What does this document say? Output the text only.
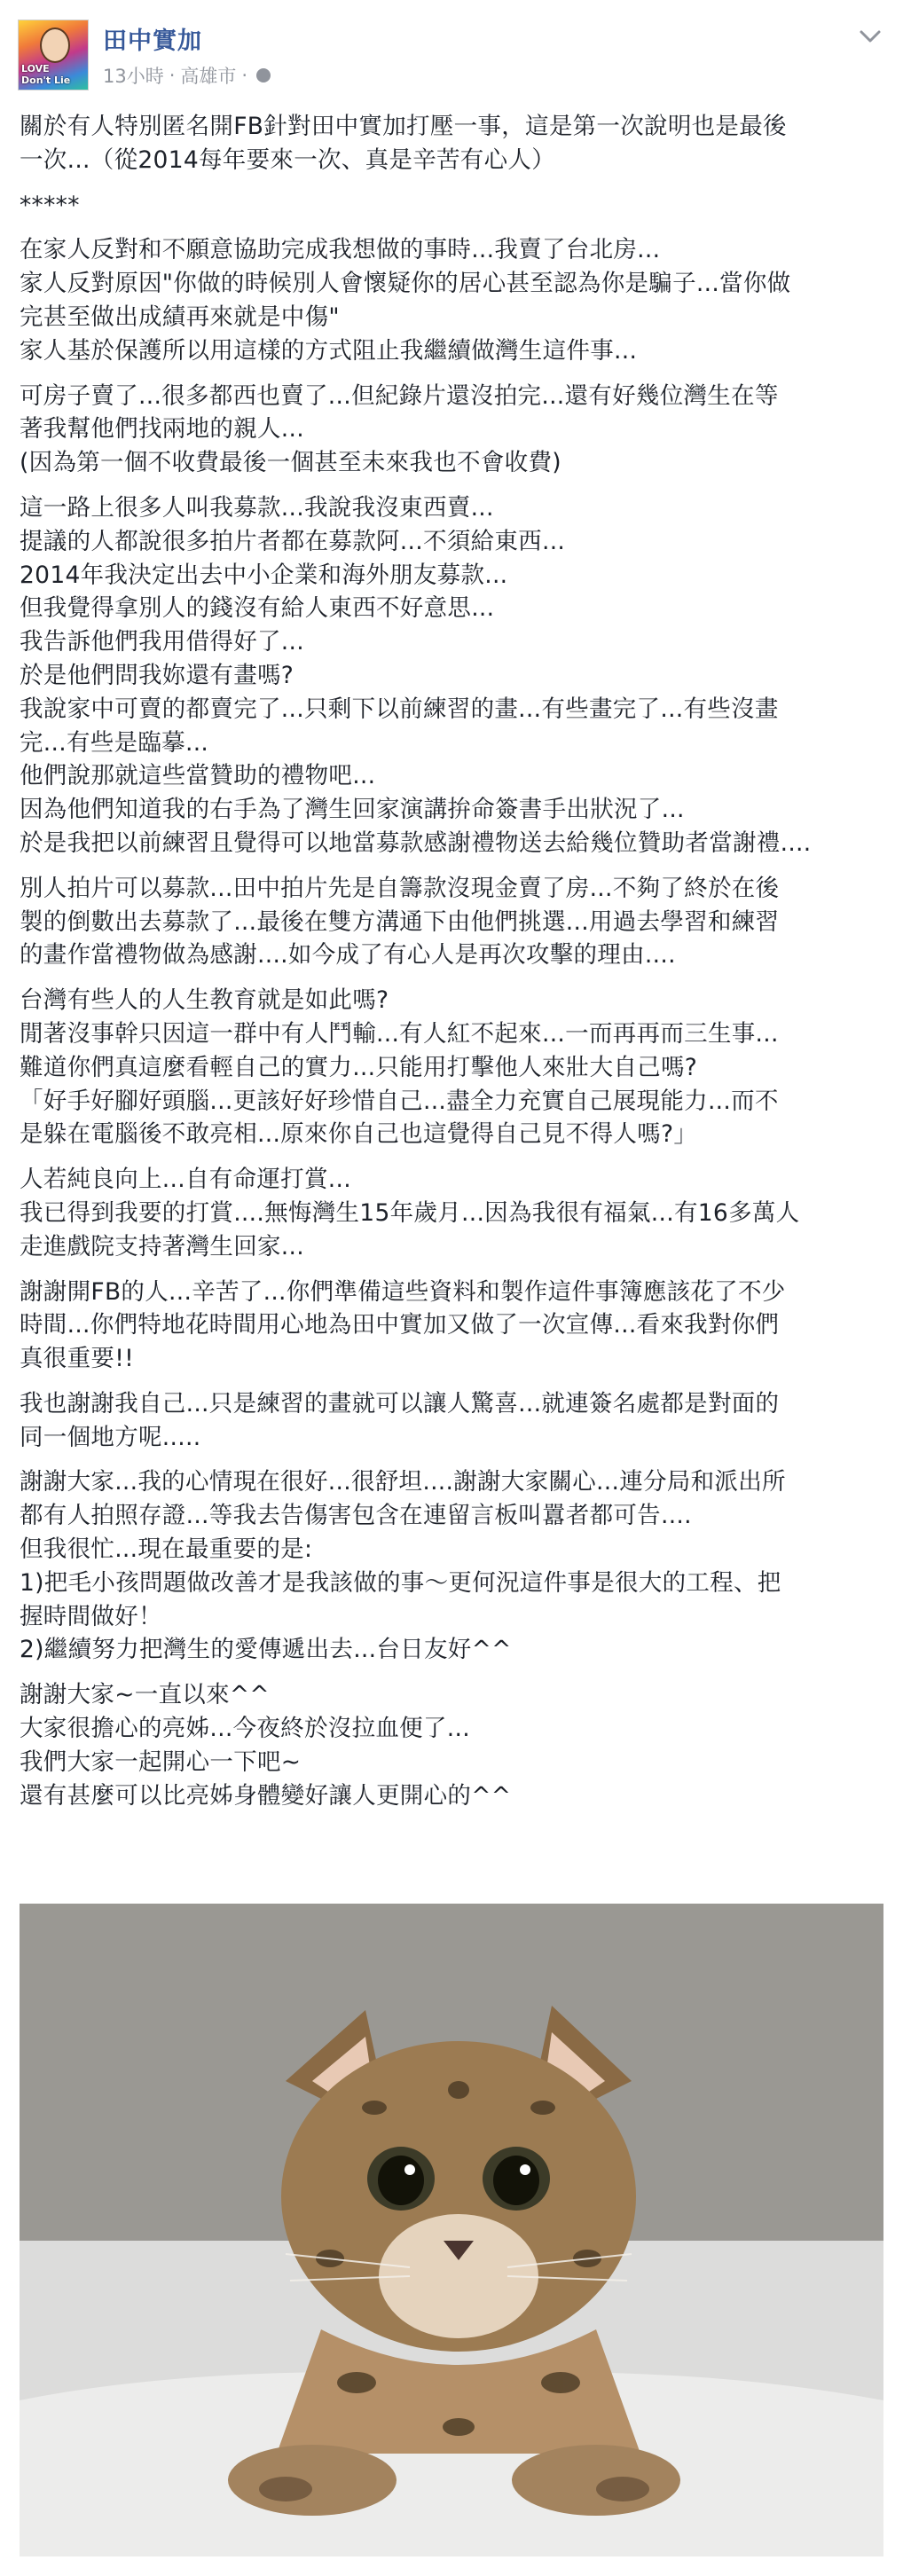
LOVE
Don't Lie
田中實加
13小時 · 高雄市 ·
關於有人特別匿名開FB針對田中實加打壓一事，這是第一次說明也是最後
一次...（從2014每年要來一次、真是辛苦有心人）
*****
在家人反對和不願意協助完成我想做的事時...我賣了台北房...
家人反對原因"你做的時候別人會懷疑你的居心甚至認為你是騙子...當你做
完甚至做出成績再來就是中傷"
家人基於保護所以用這樣的方式阻止我繼續做灣生這件事...
可房子賣了...很多都西也賣了...但紀錄片還沒拍完...還有好幾位灣生在等
著我幫他們找兩地的親人...
(因為第一個不收費最後一個甚至未來我也不會收費)
這一路上很多人叫我募款...我說我沒東西賣...
提議的人都說很多拍片者都在募款阿...不須給東西...
2014年我決定出去中小企業和海外朋友募款...
但我覺得拿別人的錢沒有給人東西不好意思...
我告訴他們我用借得好了...
於是他們問我妳還有畫嗎?
我說家中可賣的都賣完了...只剩下以前練習的畫...有些畫完了...有些沒畫
完...有些是臨摹...
他們說那就這些當贊助的禮物吧...
因為他們知道我的右手為了灣生回家演講拚命簽書手出狀況了...
於是我把以前練習且覺得可以地當募款感謝禮物送去給幾位贊助者當謝禮....
別人拍片可以募款...田中拍片先是自籌款沒現金賣了房...不夠了終於在後
製的倒數出去募款了...最後在雙方溝通下由他們挑選...用過去學習和練習
的畫作當禮物做為感謝....如今成了有心人是再次攻擊的理由....
台灣有些人的人生教育就是如此嗎?
閒著沒事幹只因這一群中有人鬥輸...有人紅不起來...一而再再而三生事...
難道你們真這麼看輕自己的實力...只能用打擊他人來壯大自己嗎?
「好手好腳好頭腦...更該好好珍惜自己...盡全力充實自己展現能力...而不
是躲在電腦後不敢亮相...原來你自己也這覺得自己見不得人嗎?」
人若純良向上...自有命運打賞...
我已得到我要的打賞....無悔灣生15年歲月...因為我很有福氣...有16多萬人
走進戲院支持著灣生回家...
謝謝開FB的人...辛苦了...你們準備這些資料和製作這件事簿應該花了不少
時間...你們特地花時間用心地為田中實加又做了一次宣傳...看來我對你們
真很重要!!
我也謝謝我自己...只是練習的畫就可以讓人驚喜...就連簽名處都是對面的
同一個地方呢.....
謝謝大家...我的心情現在很好...很舒坦....謝謝大家關心...連分局和派出所
都有人拍照存證...等我去告傷害包含在連留言板叫囂者都可告....
但我很忙...現在最重要的是:
1)把毛小孩問題做改善才是我該做的事～更何況這件事是很大的工程、把
握時間做好！
2)繼續努力把灣生的愛傳遞出去...台日友好^^
謝謝大家~一直以來^^
大家很擔心的亮姊...今夜終於沒拉血便了...
我們大家一起開心一下吧~
還有甚麼可以比亮姊身體變好讓人更開心的^^
